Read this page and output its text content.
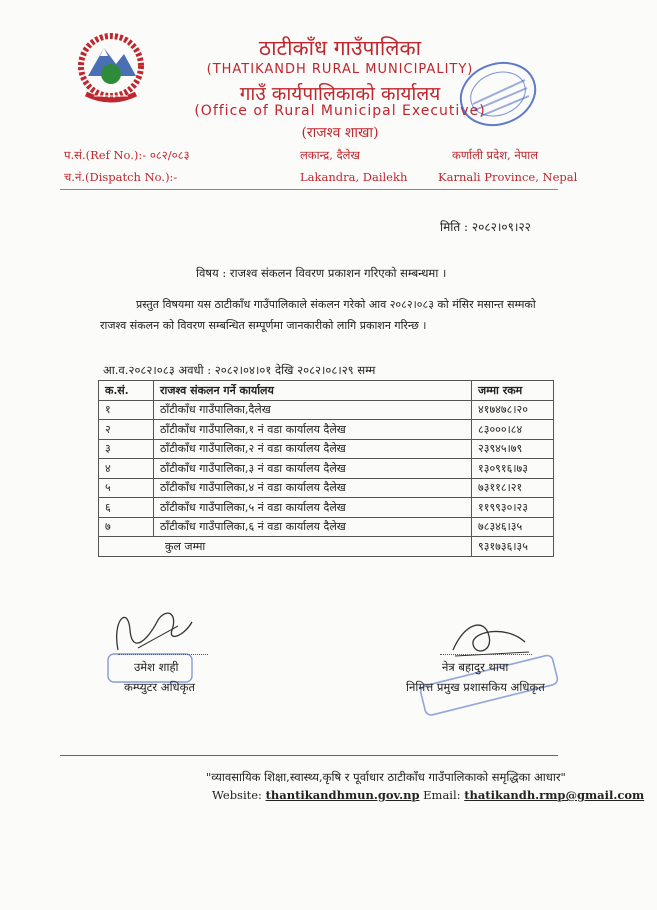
ठाटीकाँध गाउँपालिका
(THATIKANDH RURAL MUNICIPALITY)
गाउँ कार्यपालिकाको कार्यालय
(Office of Rural Municipal Executive)
(राजश्व शाखा)
प.सं.(Ref No.):- ०८२/०८३
च.नं.(Dispatch No.):-
लकान्द्र, दैलेख
Lakandra, Dailekh
कर्णाली प्रदेश, नेपाल
Karnali Province, Nepal
मिति : २०८२।०९।२२
विषय : राजश्व संकलन विवरण प्रकाशन गरिएको सम्बन्धमा ।
प्रस्तुत विषयमा यस ठाटीकाँध गाउँपालिकाले संकलन गरेको आव २०८२।०८३ को मंसिर मसान्त सम्मको राजश्व संकलन को विवरण सम्बन्धित सम्पूर्णमा जानकारीको लागि प्रकाशन गरिन्छ ।
आ.व.२०८२।०८३ अवधी : २०८२।०४।०१ देखि २०८२।०८।२९ सम्म
क.सं.	राजश्व संकलन गर्ने कार्यालय	जम्मा रकम
१	ठाँटीकाँध गाउँपालिका,दैलेख	४१७४७८।२०
२	ठाँटीकाँध गाउँपालिका,१ नं वडा कार्यालय दैलेख	८३०००।८४
३	ठाँटीकाँध गाउँपालिका,२ नं वडा कार्यालय दैलेख	२३९४५।७९
४	ठाँटीकाँध गाउँपालिका,३ नं वडा कार्यालय दैलेख	१३०९१६।७३
५	ठाँटीकाँध गाउँपालिका,४ नं वडा कार्यालय दैलेख	७३११८।२१
६	ठाँटीकाँध गाउँपालिका,५ नं वडा कार्यालय दैलेख	११९९३०।२३
७	ठाँटीकाँध गाउँपालिका,६ नं वडा कार्यालय दैलेख	७८३४६।३५
कुल जम्मा		९३१७३६।३५
उमेश शाही
कम्प्युटर अधिकृत
नेत्र बहादुर थापा
निमित्त प्रमुख प्रशासकिय अधिकृत
"व्यावसायिक शिक्षा,स्वास्थ्य,कृषि र पूर्वाधार ठाटीकाँध गाउँपालिकाको समृद्धिका आधार"
Website: thantikandhmun.gov.np Email: thatikandh.rmp@gmail.com
